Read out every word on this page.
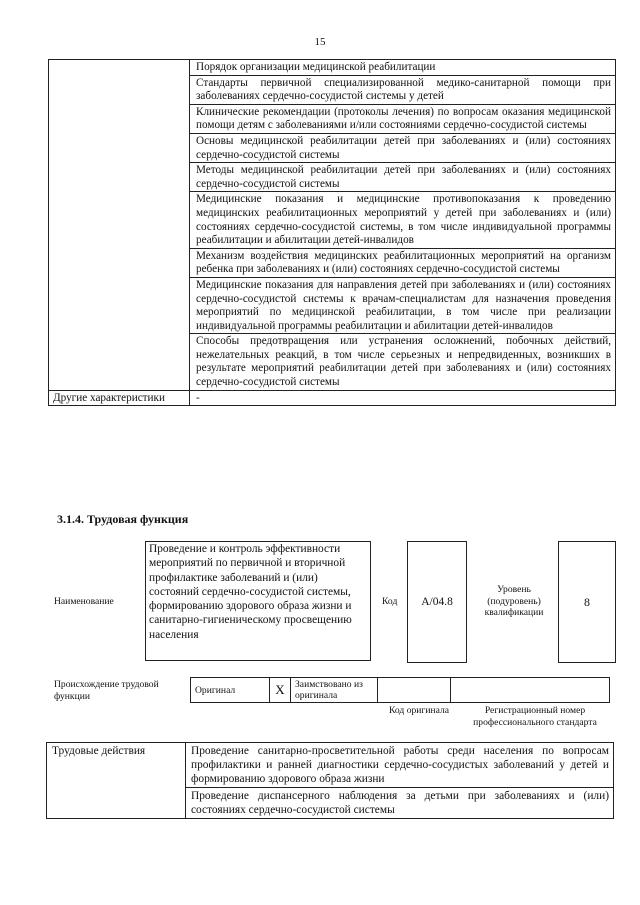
15
	Порядок организации медицинской реабилитации
	Стандарты первичной специализированной медико-санитарной помощи при заболеваниях сердечно-сосудистой системы у детей
	Клинические рекомендации (протоколы лечения) по вопросам оказания медицинской помощи детям с заболеваниями и/или состояниями сердечно-сосудистой системы
	Основы медицинской реабилитации детей при заболеваниях и (или) состояниях сердечно-сосудистой системы
	Методы медицинской реабилитации детей при заболеваниях и (или) состояниях сердечно-сосудистой системы
	Медицинские показания и медицинские противопоказания к проведению медицинских реабилитационных мероприятий у детей при заболеваниях и (или) состояниях сердечно-сосудистой системы, в том числе индивидуальной программы реабилитации и абилитации детей-инвалидов
	Механизм воздействия медицинских реабилитационных мероприятий на организм ребенка при заболеваниях и (или) состояниях сердечно-сосудистой системы
	Медицинские показания для направления детей при заболеваниях и (или) состояниях сердечно-сосудистой системы к врачам-специалистам для назначения проведения мероприятий по медицинской реабилитации, в том числе при реализации индивидуальной программы реабилитации и абилитации детей-инвалидов
	Способы предотвращения или устранения осложнений, побочных действий, нежелательных реакций, в том числе серьезных и непредвиденных, возникших в результате мероприятий реабилитации детей при заболеваниях и (или) состояниях сердечно-сосудистой системы
Другие характеристики	-
3.1.4. Трудовая функция
Наименование
Проведение и контроль эффективности мероприятий по первичной и вторичной профилактике заболеваний и (или) состояний сердечно-сосудистой системы, формированию здорового образа жизни и санитарно-гигиеническому просвещению населения
Код A/04.8
Уровень (подуровень) квалификации
8
Происхождение трудовой функции
Оригинал	X	Заимствовано из оригинала		
Код оригинала	Регистрационный номер профессионального стандарта
Трудовые действия	Проведение санитарно-просветительной работы среди населения по вопросам профилактики и ранней диагностики сердечно-сосудистых заболеваний у детей и формированию здорового образа жизни
Проведение диспансерного наблюдения за детьми при заболеваниях и (или) состояниях сердечно-сосудистой системы
